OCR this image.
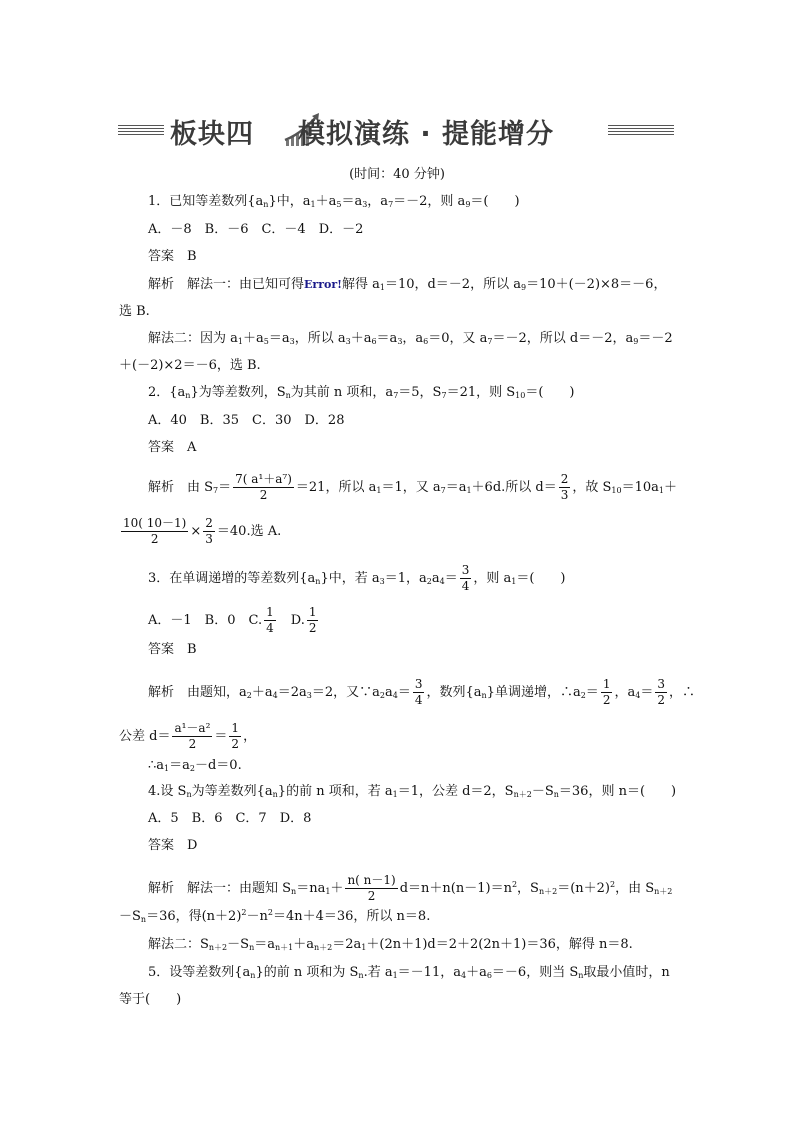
板块四 模拟演练 · 提能增分
(时间：40 分钟)
1．已知等差数列$\{a_n\}$中，$a_1+a_5=a_3$，$a_7=-2$，则 $a_9=$(　　)
A．－8　B．－6　C．－4　D．－2
答案　B
解析　解法一：由已知可得Error!解得 $a_1=10$，d＝－2，所以 $a_9=10+(-2)\times 8=-6$，
选 B.
解法二：因为 $a_1+a_5=a_3$，所以 $a_3+a_6=a_3$，$a_6=0$，又 $a_7=-2$，所以 d＝－2，$a_9=-2$
＋(－2)×2＝－6，选 B.
2．$\{a_n\}$为等差数列，$S_n$为其前 n 项和，$a_7=5$，$S_7=21$，则 $S_{10}=$(　　)
A．40　B．35　C．30　D．28
答案　A
解析　由 $S_7= \frac{\text{7( a¹＋a⁷)}}{2} =21$，所以 $a_1=1$，又 $a_7=a_1+6d$.所以 $d= \frac{2}{3}$ ，故 $S_{10}=10a_1+$
$\frac{10( 10-1)}{2} \times \frac{2}{3} =40$.选 A.
3．在单调递增的等差数列$\{a_n\}$中，若 $a_3=1$，$a_2a_4= \frac{3}{4}$ ，则 $a_1=$(　　)
A．－1　B．0　C. $\frac{1}{4}$ 　D. $\frac{1}{2}$
答案　B
解析　由题知，$a_2+a_4=2a_3=2$，又$\because a_2a_4= \frac{3}{4}$ ，数列$\{a_n\}$单调递增，$\therefore a_2= \frac{1}{2}$ ，$a_4= \frac{3}{2}$ ，∴
公差 $d= \frac{\text{a¹－a²}}{2} = \frac{1}{2}$ ，
$\therefore a_1=a_2-d=0$.
4.设 $S_n$为等差数列$\{a_n\}$的前 n 项和，若 $a_1=1$，公差 d＝2，$S_{n+2}-S_n=36$，则 n＝(　　)
A．5　B．6　C．7　D．8
答案　D
解析　解法一：由题知 $S_n=na_1+ \frac{n( n-1)}{2} d=n+n(n-1)=n^2$，$S_{n+2}=(n+2)^2$，由 $S_{n+2}$
$-S_n=36$，得$(n+2)^2-n^2=4n+4=36$，所以 n＝8.
解法二：$S_{n+2}-S_n=a_{n+1}+a_{n+2}=2a_1+(2n+1)d=2+2(2n+1)=36$，解得 n＝8.
5．设等差数列$\{a_n\}$的前 n 项和为 $S_n$.若 $a_1=-11$，$a_4+a_6=-6$，则当 $S_n$取最小值时，n
等于(　　)
